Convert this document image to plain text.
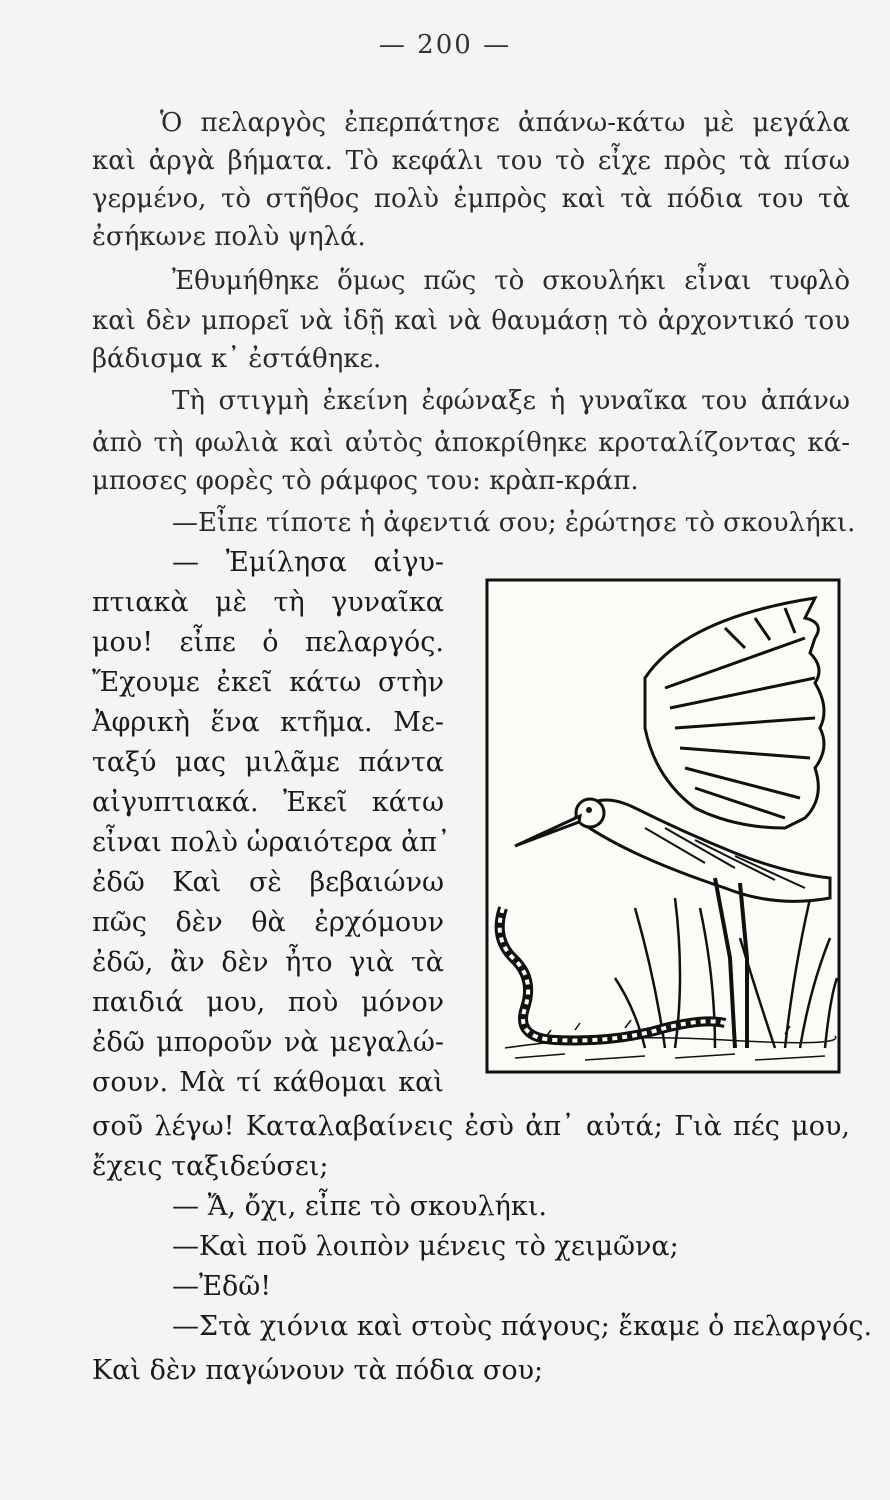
— 200 —
Ὁ πελαργὸς ἐπερπάτησε ἀπάνω-κάτω μὲ μεγάλα
καὶ ἀργὰ βήματα. Τὸ κεφάλι του τὸ εἶχε πρὸς τὰ πίσω
γερμένο, τὸ στῆθος πολὺ ἐμπρὸς καὶ τὰ πόδια του τὰ
ἐσήκωνε πολὺ ψηλά.
Ἐθυμήθηκε ὅμως πῶς τὸ σκουλήκι εἶναι τυφλὸ
καὶ δὲν μπορεῖ νὰ ἰδῇ καὶ νὰ θαυμάσῃ τὸ ἀρχοντικό του
βάδισμα κ᾽ ἐστάθηκε.
Τὴ στιγμὴ ἐκείνη ἐφώναξε ἡ γυναῖκα του ἀπάνω
ἀπὸ τὴ φωλιὰ καὶ αὐτὸς ἀποκρίθηκε κροταλίζοντας κά-
μποσες φορὲς τὸ ράμφος του: κρὰπ-κράπ.
—Εἶπε τίποτε ἡ ἀφεντιά σου; ἐρώτησε τὸ σκουλήκι.
— Ἐμίλησα αἰγυ-
πτιακὰ μὲ τὴ γυναῖκα
μου! εἶπε ὁ πελαργός.
Ἔχουμε ἐκεῖ κάτω στὴν
Ἀφρικὴ ἕνα κτῆμα. Με-
ταξύ μας μιλᾶμε πάντα
αἰγυπτιακά. Ἐκεῖ κάτω
εἶναι πολὺ ὡραιότερα ἀπ᾽
ἐδῶ Καὶ σὲ βεβαιώνω
πῶς δὲν θὰ ἐρχόμουν
ἐδῶ, ἂν δὲν ἦτο γιὰ τὰ
παιδιά μου, ποὺ μόνον
ἐδῶ μποροῦν νὰ μεγαλώ-
σουν. Μὰ τί κάθομαι καὶ
σοῦ λέγω! Καταλαβαίνεις ἐσὺ ἀπ᾽ αὐτά; Γιὰ πές μου,
ἔχεις ταξιδεύσει;
— Ἄ, ὄχι, εἶπε τὸ σκουλήκι.
—Καὶ ποῦ λοιπὸν μένεις τὸ χειμῶνα;
—Ἐδῶ!
—Στὰ χιόνια καὶ στοὺς πάγους; ἔκαμε ὁ πελαργός.
Καὶ δὲν παγώνουν τὰ πόδια σου;
